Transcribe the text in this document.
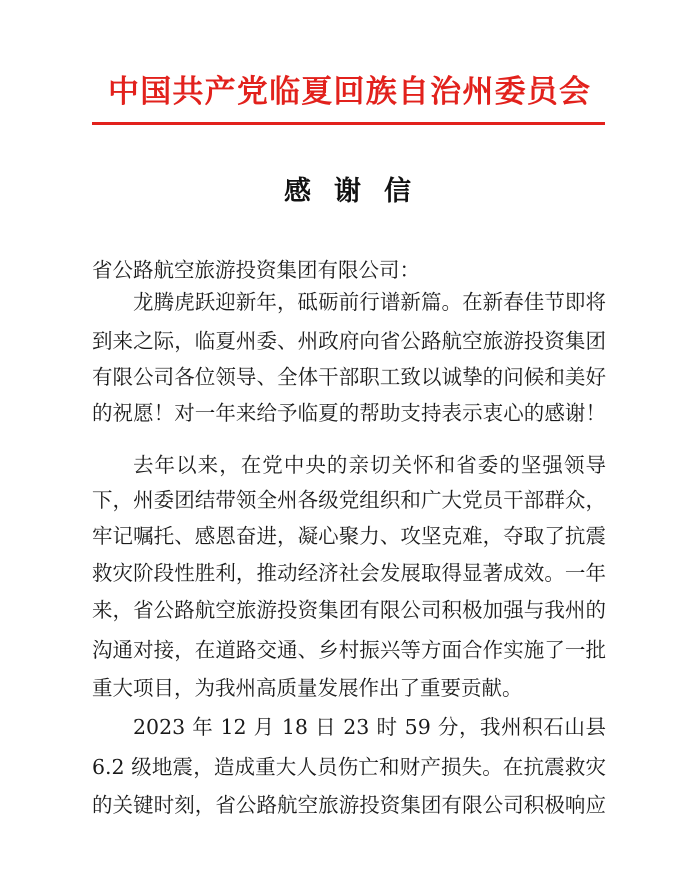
中国共产党临夏回族自治州委员会
感 谢 信
省公路航空旅游投资集团有限公司：
龙腾虎跃迎新年，砥砺前行谱新篇。在新春佳节即将
到来之际，临夏州委、州政府向省公路航空旅游投资集团
有限公司各位领导、全体干部职工致以诚挚的问候和美好
的祝愿！对一年来给予临夏的帮助支持表示衷心的感谢！
去年以来，在党中央的亲切关怀和省委的坚强领导
下，州委团结带领全州各级党组织和广大党员干部群众，
牢记嘱托、感恩奋进，凝心聚力、攻坚克难，夺取了抗震
救灾阶段性胜利，推动经济社会发展取得显著成效。一年
来，省公路航空旅游投资集团有限公司积极加强与我州的
沟通对接，在道路交通、乡村振兴等方面合作实施了一批
重大项目，为我州高质量发展作出了重要贡献。
2023 年 12 月 18 日 23 时 59 分，我州积石山县
6.2 级地震，造成重大人员伤亡和财产损失。在抗震救灾
的关键时刻，省公路航空旅游投资集团有限公司积极响应
